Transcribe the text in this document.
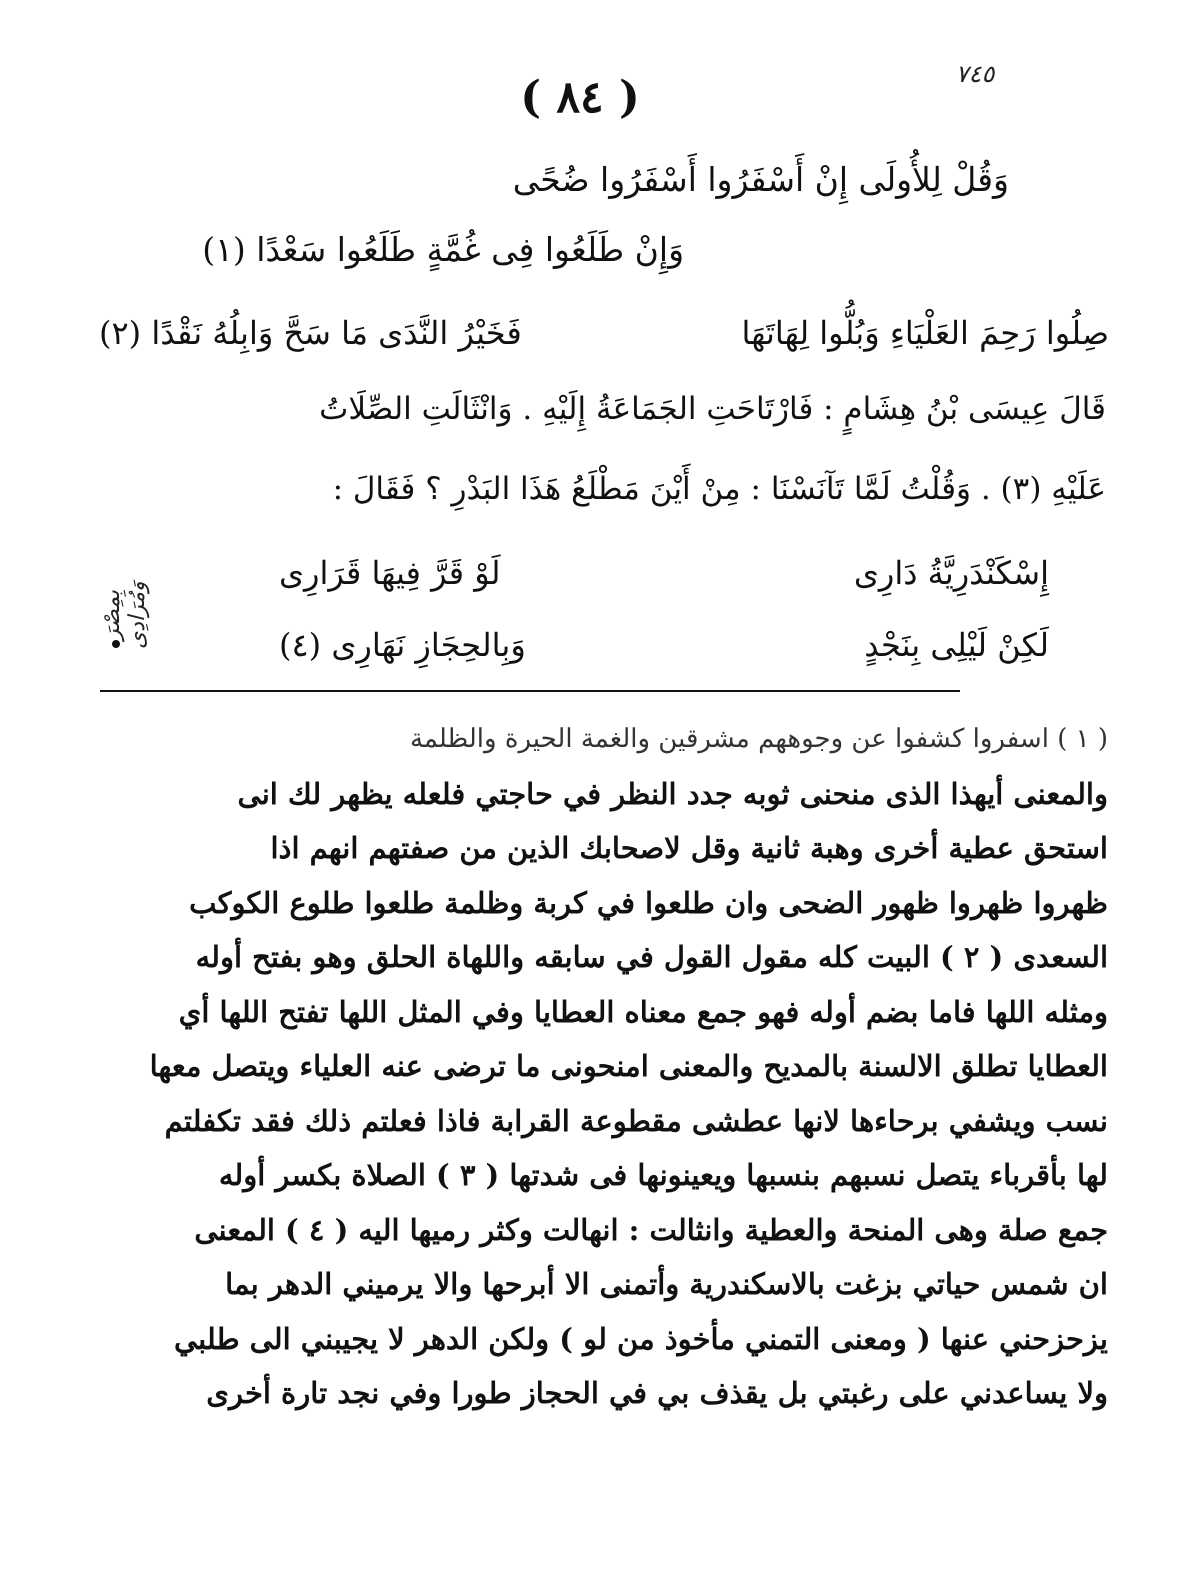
( ٨٤ )	٧٤٥
وَقُلْ لِلأُولَى إِنْ أَسْفَرُوا أَسْفَرُوا ضُحًى
وَإِنْ طَلَعُوا فِى غُمَّةٍ طَلَعُوا سَعْدًا (١)
صِلُوا رَحِمَ العَلْيَاءِ وَبُلُّوا لِهَاتَهَا
فَخَيْرُ النَّدَى مَا سَحَّ وَابِلُهُ نَقْدًا (٢)
قَالَ عِيسَى بْنُ هِشَامٍ : فَارْتَاحَتِ الجَمَاعَةُ إِلَيْهِ . وَانْثَالَتِ الصِّلَاتُ
عَلَيْهِ (٣) . وَقُلْتُ لَمَّا تَآنَسْنَا : مِنْ أَيْنَ مَطْلَعُ هَذَا البَدْرِ ؟ فَقَالَ :
إِسْكَنْدَرِيَّةُ دَارِى
لَوْ قَرَّ فِيهَا قَرَارِى
لَكِنْ لَيْلِى بِنَجْدٍ
وَبِالحِجَازِ نَهَارِى (٤)
بِمِصْرَ وَمُرَادِى
( ١ ) اسفروا كشفوا عن وجوههم مشرقين والغمة الحيرة والظلمة
والمعنى أيهذا الذى منحنى ثوبه جدد النظر في حاجتي فلعله يظهر لك انى
استحق عطية أخرى وهبة ثانية وقل لاصحابك الذين من صفتهم انهم اذا
ظهروا ظهروا ظهور الضحى وان طلعوا في كربة وظلمة طلعوا طلوع الكوكب
السعدى ( ٢ ) البيت كله مقول القول في سابقه واللهاة الحلق وهو بفتح أوله
ومثله اللها فاما بضم أوله فهو جمع معناه العطايا وفي المثل اللها تفتح اللها أي
العطايا تطلق الالسنة بالمديح والمعنى امنحونى ما ترضى عنه العلياء ويتصل معها
نسب ويشفي برحاءها لانها عطشى مقطوعة القرابة فاذا فعلتم ذلك فقد تكفلتم
لها بأقرباء يتصل نسبهم بنسبها ويعينونها فى شدتها ( ٣ ) الصلاة بكسر أوله
جمع صلة وهى المنحة والعطية وانثالت : انهالت وكثر رميها اليه ( ٤ ) المعنى
ان شمس حياتي بزغت بالاسكندرية وأتمنى الا أبرحها والا يرميني الدهر بما
يزحزحني عنها ( ومعنى التمني مأخوذ من لو ) ولكن الدهر لا يجيبني الى طلبي
ولا يساعدني على رغبتي بل يقذف بي في الحجاز طورا وفي نجد تارة أخرى
